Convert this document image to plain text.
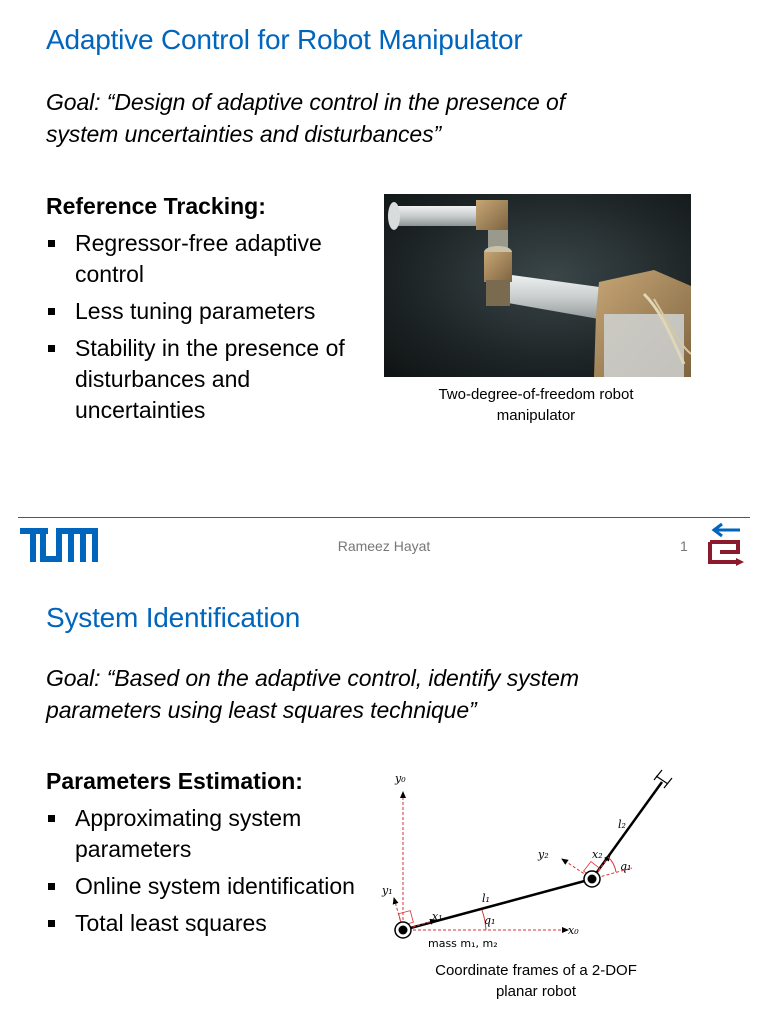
Adaptive Control for Robot Manipulator
Goal: “Design of adaptive control in the presence of
system uncertainties and disturbances”
Reference Tracking:
Regressor-free adaptive control
Less tuning parameters
Stability in the presence of disturbances and uncertainties
Two-degree-of-freedom robot
manipulator
Rameez Hayat	1
System Identification
Goal: “Based on the adaptive control, identify system
parameters using least squares technique”
Parameters Estimation:
Approximating system parameters
Online system identification
Total least squares
y₀
x₀
y₁
x₁
y₂	x₂
l₁
l₂
q₁
q₁
mass m₁, m₂
Coordinate frames of a 2-DOF
planar robot
